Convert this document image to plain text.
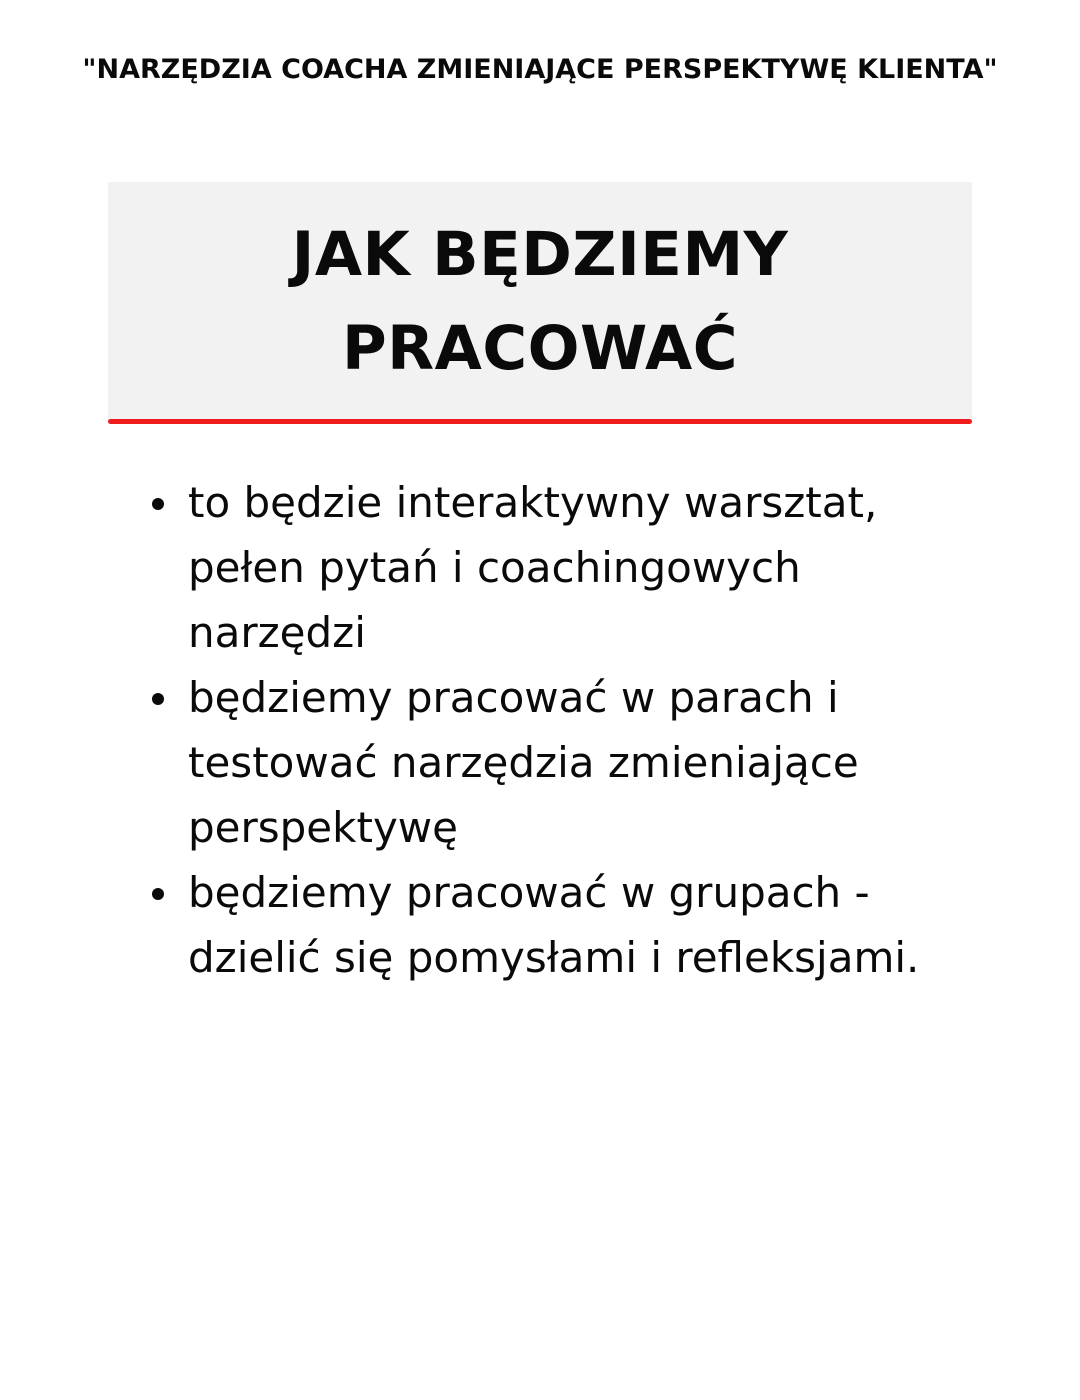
"NARZĘDZIA COACHA ZMIENIAJĄCE PERSPEKTYWĘ KLIENTA"
JAK BĘDZIEMY
PRACOWAĆ
to będzie interaktywny warsztat,
pełen pytań i coachingowych
narzędzi
będziemy pracować w parach i
testować narzędzia zmieniające
perspektywę
będziemy pracować w grupach -
dzielić się pomysłami i refleksjami.
